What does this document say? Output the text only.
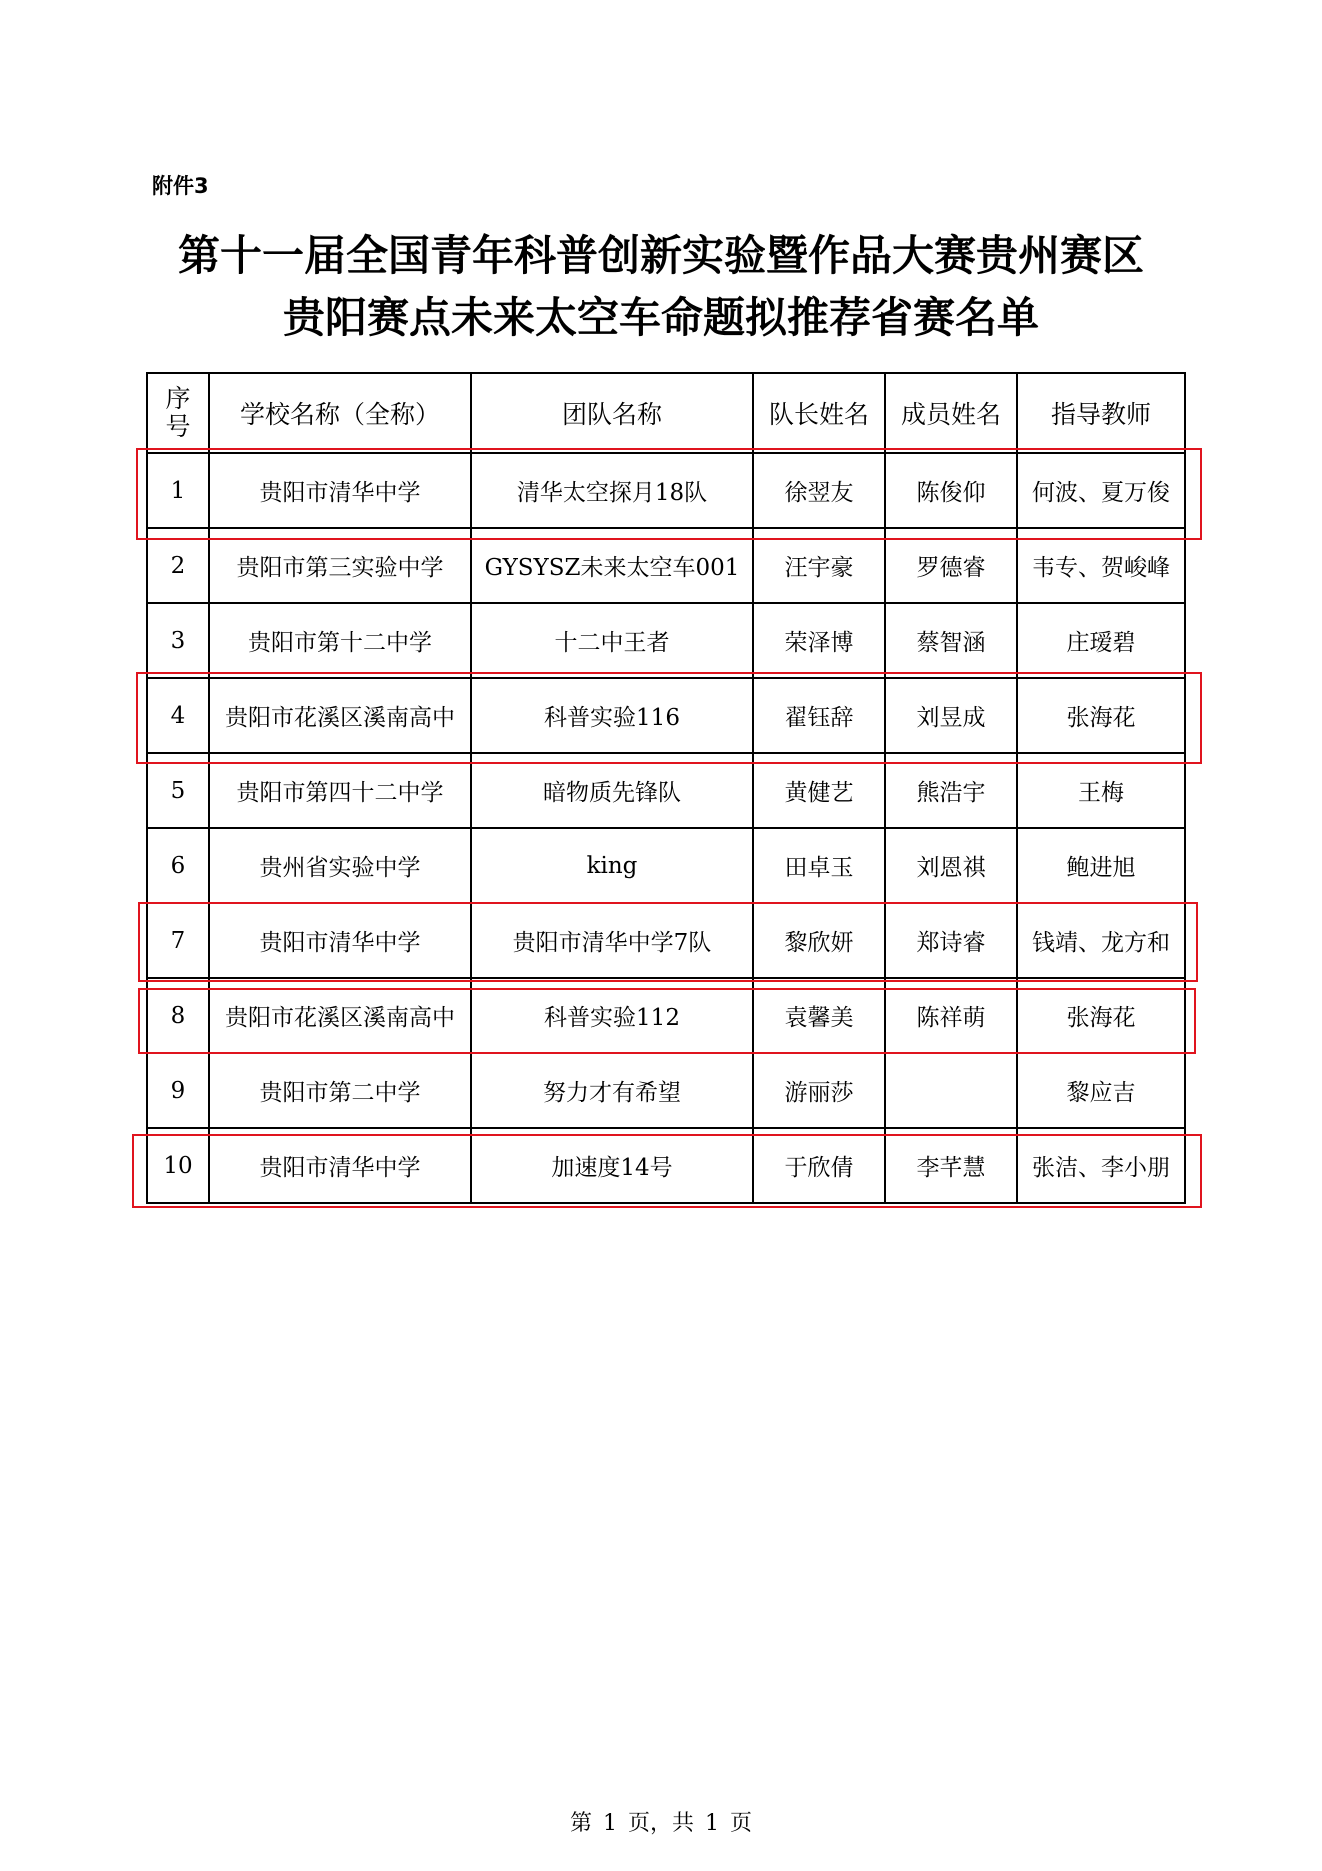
附件3
第十一届全国青年科普创新实验暨作品大赛贵州赛区
贵阳赛点未来太空车命题拟推荐省赛名单
序
号	学校名称（全称）	团队名称	队长姓名	成员姓名	指导教师
1	贵阳市清华中学	清华太空探月18队	徐翌友	陈俊仰	何波、夏万俊
2	贵阳市第三实验中学	GYSYSZ未来太空车001	汪宇豪	罗德睿	韦专、贺峻峰
3	贵阳市第十二中学	十二中王者	荣泽博	蔡智涵	庄瑷碧
4	贵阳市花溪区溪南高中	科普实验116	翟钰辞	刘昱成	张海花
5	贵阳市第四十二中学	暗物质先锋队	黄健艺	熊浩宇	王梅
6	贵州省实验中学	king	田卓玉	刘恩祺	鲍进旭
7	贵阳市清华中学	贵阳市清华中学7队	黎欣妍	郑诗睿	钱靖、龙方和
8	贵阳市花溪区溪南高中	科普实验112	袁馨美	陈祥萌	张海花
9	贵阳市第二中学	努力才有希望	游丽莎		黎应吉
10	贵阳市清华中学	加速度14号	于欣倩	李芊慧	张洁、李小朋
第 1 页，共 1 页
